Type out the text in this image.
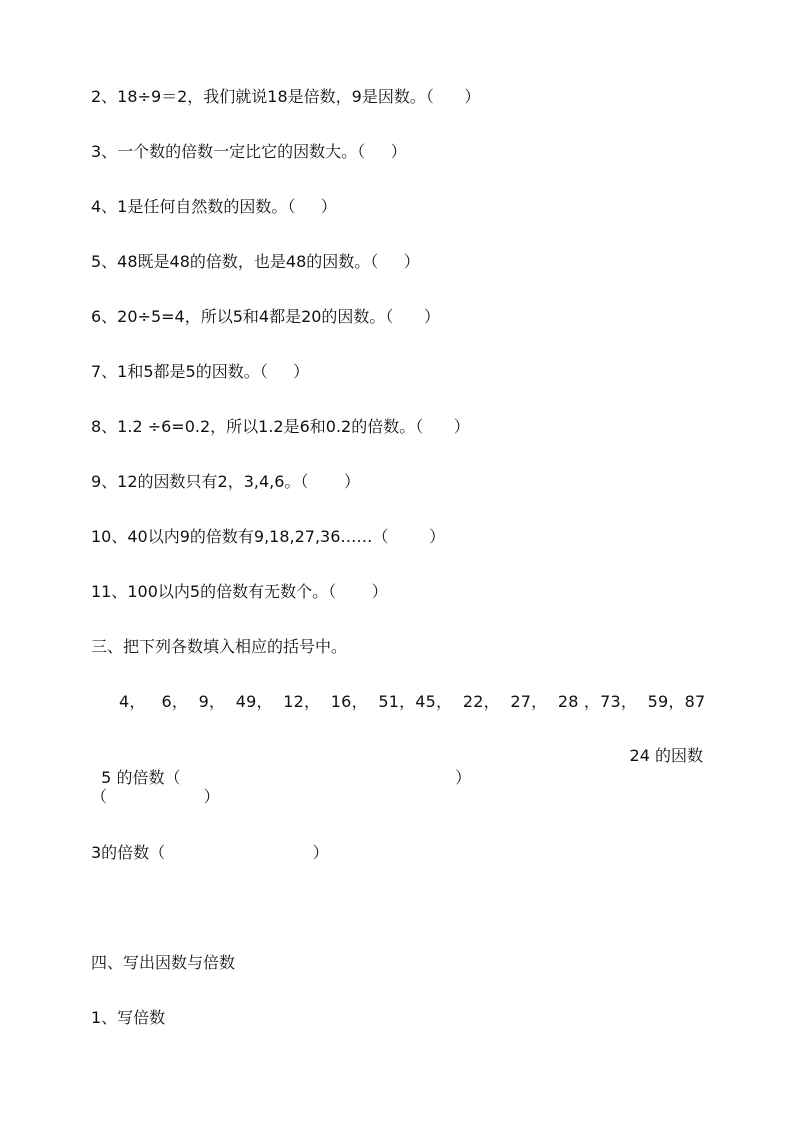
2、18÷9＝2，我们就说18是倍数，9是因数。（      ）
3、一个数的倍数一定比它的因数大。（     ）
4、1是任何自然数的因数。（     ）
5、48既是48的倍数，也是48的因数。（     ）
6、20÷5=4，所以5和4都是20的因数。（      ）
7、1和5都是5的因数。（     ）
8、1.2 ÷6=0.2，所以1.2是6和0.2的倍数。（      ）
9、12的因数只有2，3,4,6。（       ）
10、40以内9的倍数有9,18,27,36……（        ）
11、100以内5的倍数有无数个。（       ）
三、把下列各数填入相应的括号中。
4，   6，  9，  49，  12，  16，  51，45，  22，  27，  28 ，73，  59，87

5 的倍数（                                                      ）

24 的因数

（                   ）
3的倍数（                             ）
四、写出因数与倍数
1、写倍数
